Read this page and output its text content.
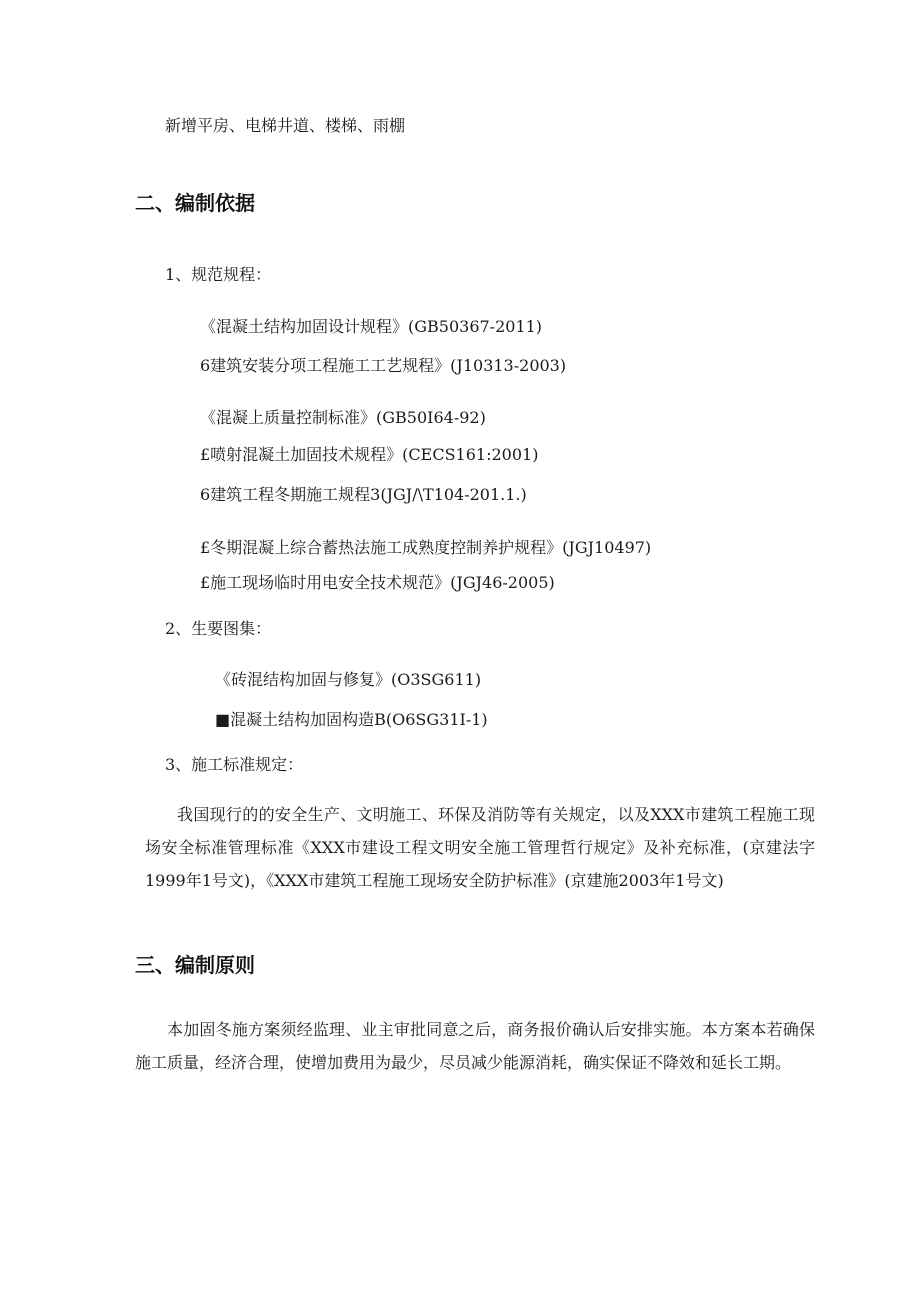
新增平房、电梯井道、楼梯、雨棚
二、编制依据
1、规范规程：
《混凝土结构加固设计规程》(GB50367-2011)
6建筑安装分项工程施工工艺规程》(J10313-2003)
《混凝上质量控制标准》(GB50I64-92)
£喷射混凝土加固技术规程》(CECS161:2001)
6建筑工程冬期施工规程3(JGJ∕\T104-201.1.)
£冬期混凝上综合蓄热法施工成熟度控制养护规程》(JGJ10497)
£施工现场临时用电安全技术规范》(JGJ46-2005)
2、生要图集：
《砖混结构加固与修复》(O3SG611)
■混凝土结构加固构造B(O6SG31I-1)
3、施工标准规定：
我国现行的的安全生产、文明施工、环保及消防等有关规定，以及XXX市建筑工程施工现场安全标准管理标准《XXX市建设工程文明安全施工管理哲行规定》及补充标准，(京建法字1999年1号文)，《XXX市建筑工程施工现场安全防护标准》(京建施2003年1号文)
三、编制原则
本加固冬施方案须经监理、业主审批同意之后，商务报价确认后安排实施。本方案本若确保施工质量，经济合理，使增加费用为最少，尽员减少能源消耗，确实保证不降效和延长工期。
